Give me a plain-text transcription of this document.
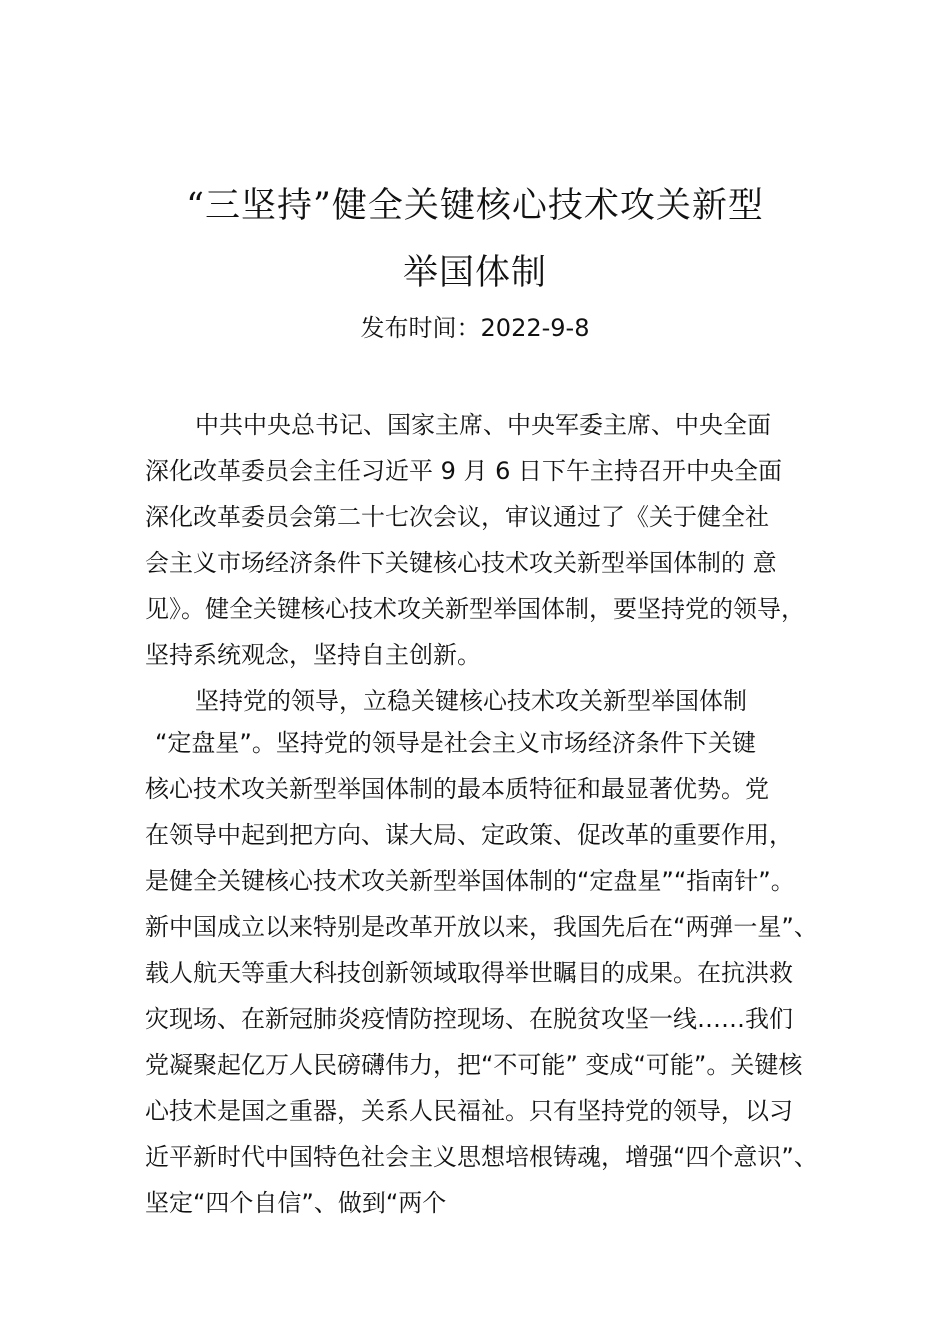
“三坚持”健全关键核心技术攻关新型
举国体制
发布时间：2022-9-8
中共中央总书记、国家主席、中央军委主席、中央全面
深化改革委员会主任习近平 9 月 6 日下午主持召开中央全面
深化改革委员会第二十七次会议，审议通过了《关于健全社
会主义市场经济条件下关键核心技术攻关新型举国体制的 意
见》。健全关键核心技术攻关新型举国体制，要坚持党的领导，
坚持系统观念，坚持自主创新。
坚持党的领导，立稳关键核心技术攻关新型举国体制
“定盘星”。坚持党的领导是社会主义市场经济条件下关键
核心技术攻关新型举国体制的最本质特征和最显著优势。党
在领导中起到把方向、谋大局、定政策、促改革的重要作用，
是健全关键核心技术攻关新型举国体制的“定盘星”“指南针”。
新中国成立以来特别是改革开放以来，我国先后在“两弹一星”、
载人航天等重大科技创新领域取得举世瞩目的成果。在抗洪救
灾现场、在新冠肺炎疫情防控现场、在脱贫攻坚一线……我们
党凝聚起亿万人民磅礴伟力，把“不可能” 变成“可能”。关键核
心技术是国之重器，关系人民福祉。只有坚持党的领导，以习
近平新时代中国特色社会主义思想培根铸魂，增强“四个意识”、
坚定“四个自信”、做到“两个
